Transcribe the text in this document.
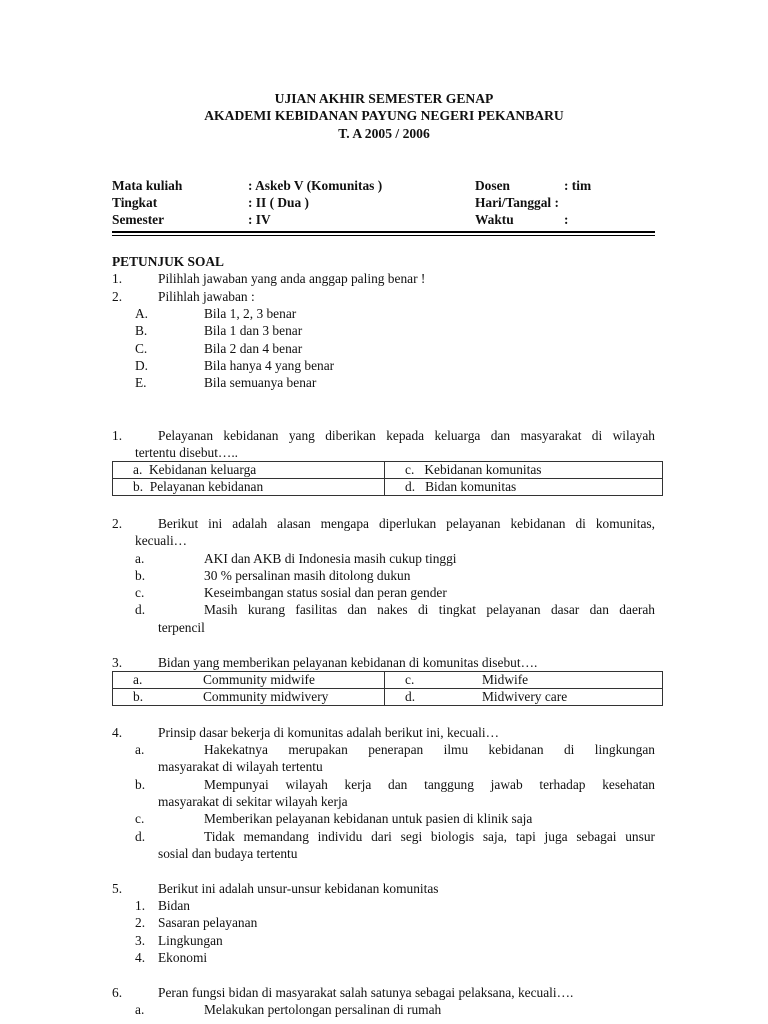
UJIAN AKHIR SEMESTER GENAP
AKADEMI KEBIDANAN PAYUNG NEGERI PEKANBARU
T. A 2005 / 2006
Mata kuliah	: Askeb V (Komunitas )	Dosen	: tim
Tingkat	: II ( Dua )	Hari/Tanggal :
Semester	: IV	Waktu	:
PETUNJUK SOAL
1.	Pilihlah jawaban yang anda anggap paling benar !
2.	Pilihlah jawaban :
A.	Bila 1, 2, 3 benar
B.	Bila 1 dan 3 benar
C.	Bila 2 dan 4 benar
D.	Bila hanya 4 yang benar
E.	Bila semuanya benar
1.	Pelayanan kebidanan yang diberikan kepada keluarga dan masyarakat di wilayah
tertentu disebut…..
a. Kebidanan keluarga	c. Kebidanan komunitas
b. Pelayanan kebidanan	d. Bidan komunitas
2.	Berikut ini adalah alasan mengapa diperlukan pelayanan kebidanan di komunitas,
kecuali…
a.	AKI dan AKB di Indonesia masih cukup tinggi
b.	30 % persalinan masih ditolong dukun
c.	Keseimbangan status sosial dan peran gender
d.	Masih kurang fasilitas dan nakes di tingkat pelayanan dasar dan daerah
terpencil
3.	Bidan yang memberikan pelayanan kebidanan di komunitas disebut….
a. Community midwife	c. Midwife
b. Community midwivery	d. Midwivery care
4.	Prinsip dasar bekerja di komunitas adalah berikut ini, kecuali…
a.	Hakekatnya merupakan penerapan ilmu kebidanan di lingkungan
masyarakat di wilayah tertentu
b.	Mempunyai wilayah kerja dan tanggung jawab terhadap kesehatan
masyarakat di sekitar wilayah kerja
c.	Memberikan pelayanan kebidanan untuk pasien di klinik saja
d.	Tidak memandang individu dari segi biologis saja, tapi juga sebagai unsur
sosial dan budaya tertentu
5.	Berikut ini adalah unsur-unsur kebidanan komunitas
1. Bidan
2. Sasaran pelayanan
3. Lingkungan
4. Ekonomi
6.	Peran fungsi bidan di masyarakat salah satunya sebagai pelaksana, kecuali….
a.	Melakukan pertolongan persalinan di rumah
